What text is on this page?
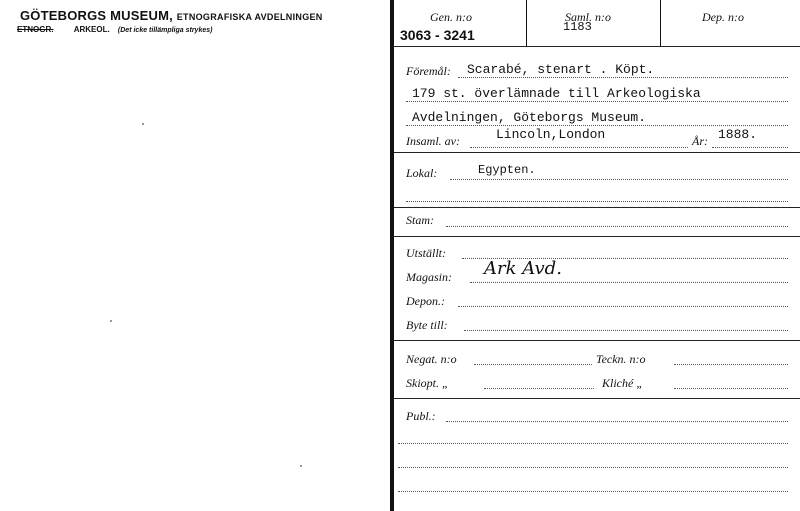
GÖTEBORGS MUSEUM, ETNOGRAFISKA AVDELNINGEN
ETNOGR.	ARKEOL. (Det icke tillämpliga strykes)
Gen. n:o	Saml. n:o	Dep. n:o
3063 - 3241	1183
Föremål: Scarabé, stenart . Köpt.
179 st. överlämnade till Arkeologiska
Avdelningen, Göteborgs Museum.
Insaml. av:	Lincoln,London	År: 1888.
Lokal:	Egypten.
Stam:
Utställt:
Magasin: Ark Avd.
Depon.:
Byte till:
Negat. n:o	Teckn. n:o
Skiopt. „	Kliché „
Publ.:
